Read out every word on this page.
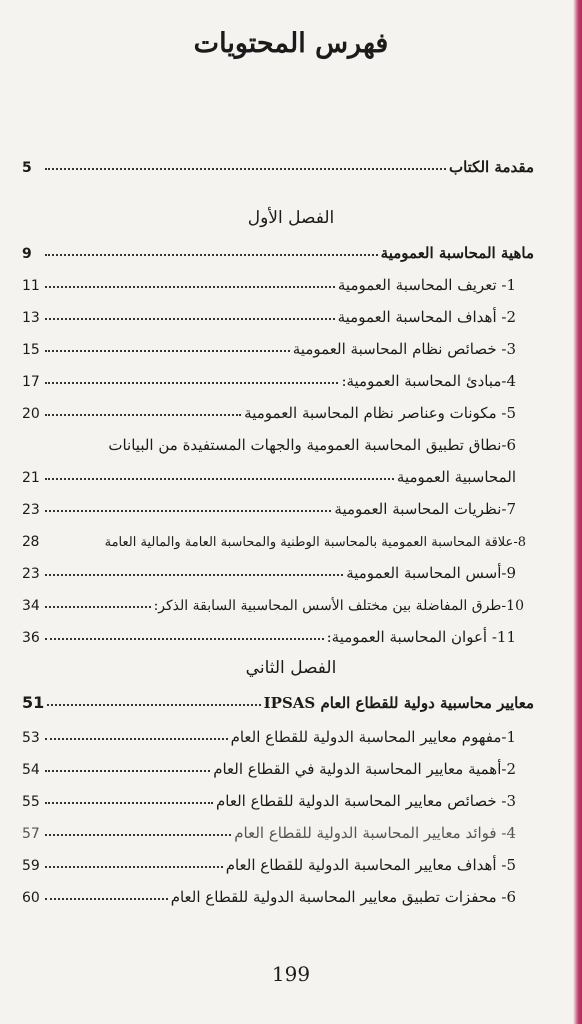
فهرس المحتويات
مقدمة الكتاب
5
الفصل الأول
ماهية المحاسبة العمومية
9
1- تعريف المحاسبة العمومية
11
2- أهداف المحاسبة العمومية
13
3- خصائص نظام المحاسبة العمومية
15
4-مبادئ المحاسبة العمومية:
17
5- مكونات وعناصر نظام المحاسبة العمومية
20
6-نطاق تطبيق المحاسبة العمومية والجهات المستفيدة من البيانات
المحاسبية العمومية
21
7-نظريات المحاسبة العمومية
23
8-علاقة المحاسبة العمومية بالمحاسبة الوطنية والمحاسبة العامة والمالية العامة
28
9-أسس المحاسبة العمومية
23
10-طرق المفاضلة بين مختلف الأسس المحاسبية السابقة الذكر:
34
11- أعوان المحاسبة العمومية:
36
الفصل الثاني
معايير محاسبية دولية للقطاع العام IPSAS
51
1-مفهوم معايير المحاسبة الدولية للقطاع العام
53
2-أهمية معايير المحاسبة الدولية في القطاع العام
54
3- خصائص معايير المحاسبة الدولية للقطاع العام
55
4- فوائد معايير المحاسبة الدولية للقطاع العام
57
5- أهداف معايير المحاسبة الدولية للقطاع العام
59
6- محفزات تطبيق معايير المحاسبة الدولية للقطاع العام
60
199
